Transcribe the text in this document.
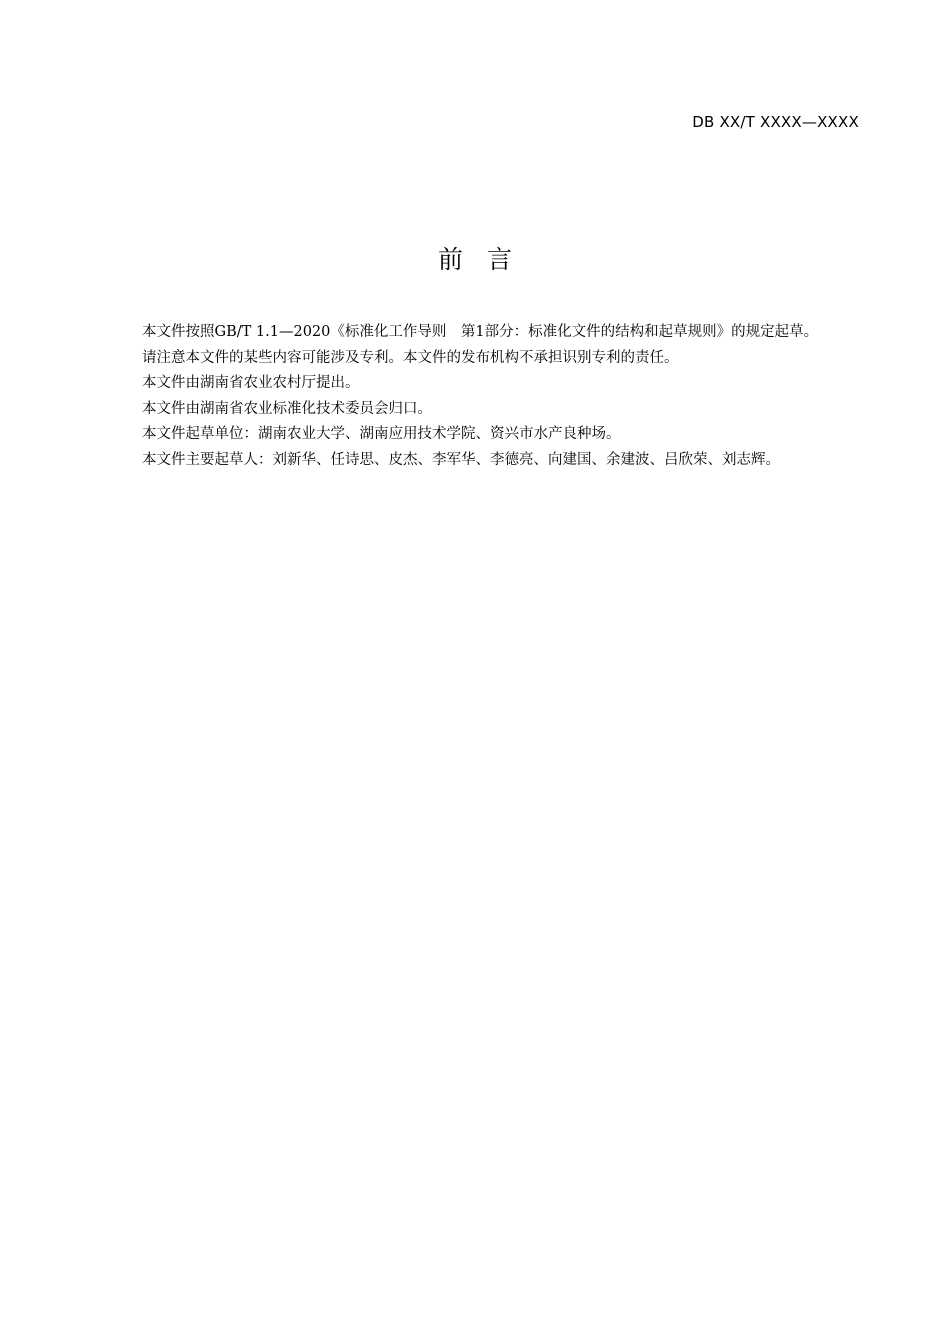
DB XX/T XXXX—XXXX
前言

本文件按照GB/T 1.1—2020《标准化工作导则　第1部分：标准化文件的结构和起草规则》的规定起草。

请注意本文件的某些内容可能涉及专利。本文件的发布机构不承担识别专利的责任。

本文件由湖南省农业农村厅提出。

本文件由湖南省农业标准化技术委员会归口。

本文件起草单位：湖南农业大学、湖南应用技术学院、资兴市水产良种场。

本文件主要起草人：刘新华、任诗思、皮杰、李军华、李德亮、向建国、余建波、吕欣荣、刘志辉。
